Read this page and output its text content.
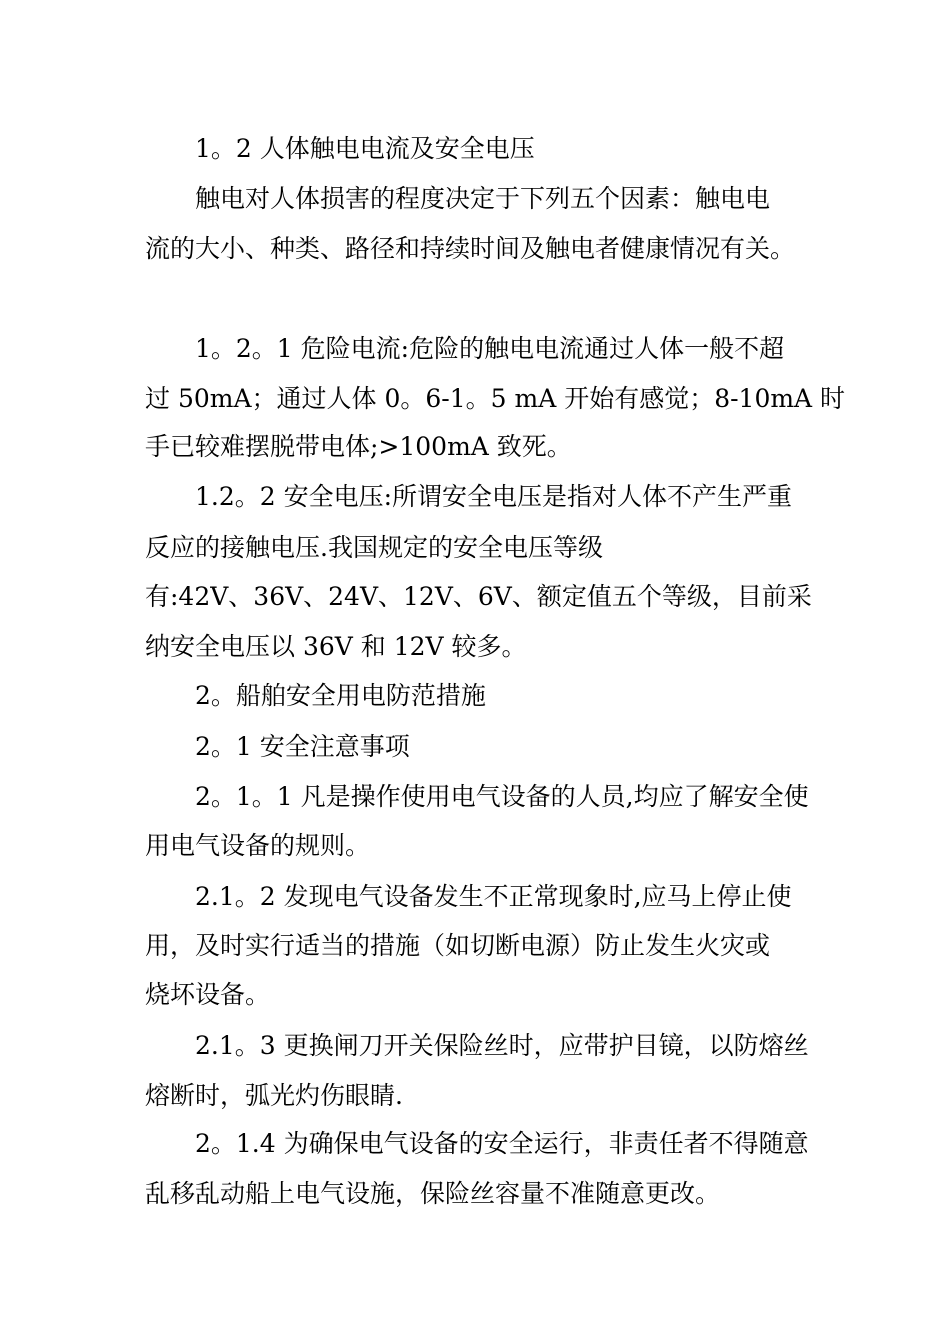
1。2 人体触电电流及安全电压
触电对人体损害的程度决定于下列五个因素：触电电
流的大小、种类、路径和持续时间及触电者健康情况有关。
1。2。1 危险电流:危险的触电电流通过人体一般不超
过 50mA；通过人体 0。6-1。5 mA 开始有感觉；8-10mA 时
手已较难摆脱带电体;>100mA 致死。
1.2。2 安全电压:所谓安全电压是指对人体不产生严重
反应的接触电压.我国规定的安全电压等级
有:42V、36V、24V、12V、6V、额定值五个等级，目前采
纳安全电压以 36V 和 12V 较多。
2。船舶安全用电防范措施
2。1 安全注意事项
2。1。1 凡是操作使用电气设备的人员,均应了解安全使
用电气设备的规则。
2.1。2 发现电气设备发生不正常现象时,应马上停止使
用，及时实行适当的措施（如切断电源）防止发生火灾或
烧坏设备。
2.1。3 更换闸刀开关保险丝时，应带护目镜，以防熔丝
熔断时，弧光灼伤眼睛.
2。1.4 为确保电气设备的安全运行，非责任者不得随意
乱移乱动船上电气设施，保险丝容量不准随意更改。
